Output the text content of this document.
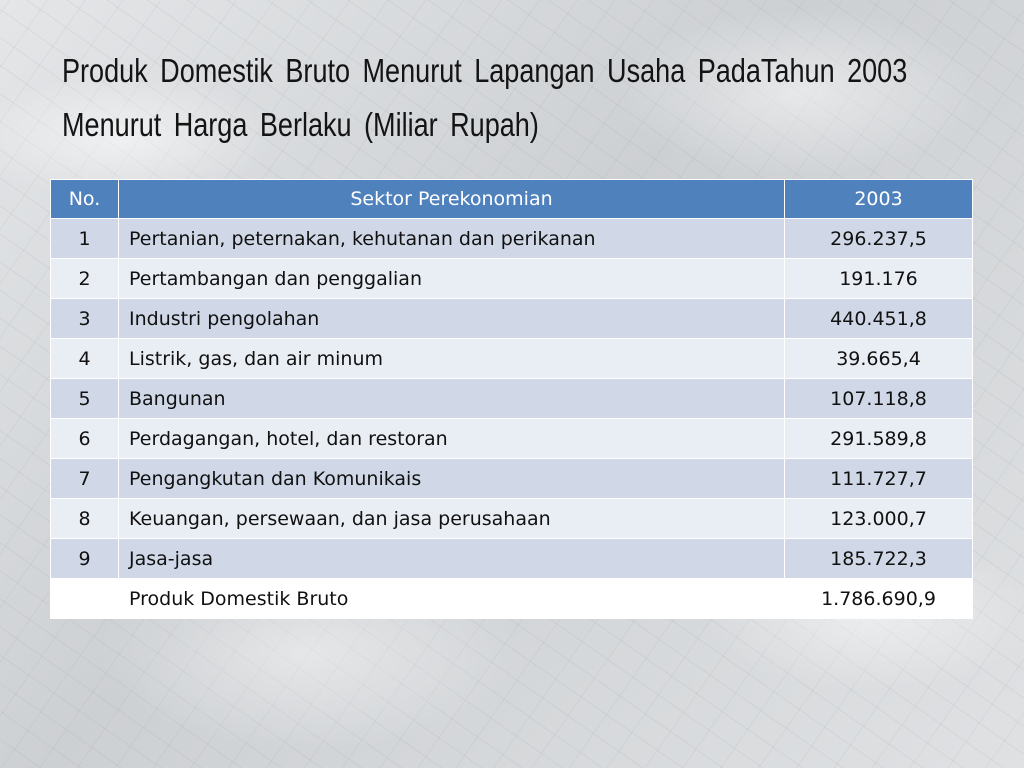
Produk Domestik Bruto Menurut Lapangan Usaha PadaTahun 2003
Menurut Harga Berlaku (Miliar Rupah)
No.	Sektor Perekonomian	2003
1	Pertanian, peternakan, kehutanan dan perikanan	296.237,5
2	Pertambangan dan penggalian	191.176
3	Industri pengolahan	440.451,8
4	Listrik, gas, dan air minum	39.665,4
5	Bangunan	107.118,8
6	Perdagangan, hotel, dan restoran	291.589,8
7	Pengangkutan dan Komunikais	111.727,7
8	Keuangan, persewaan, dan jasa perusahaan	123.000,7
9	Jasa-jasa	185.722,3
	Produk Domestik Bruto	1.786.690,9
